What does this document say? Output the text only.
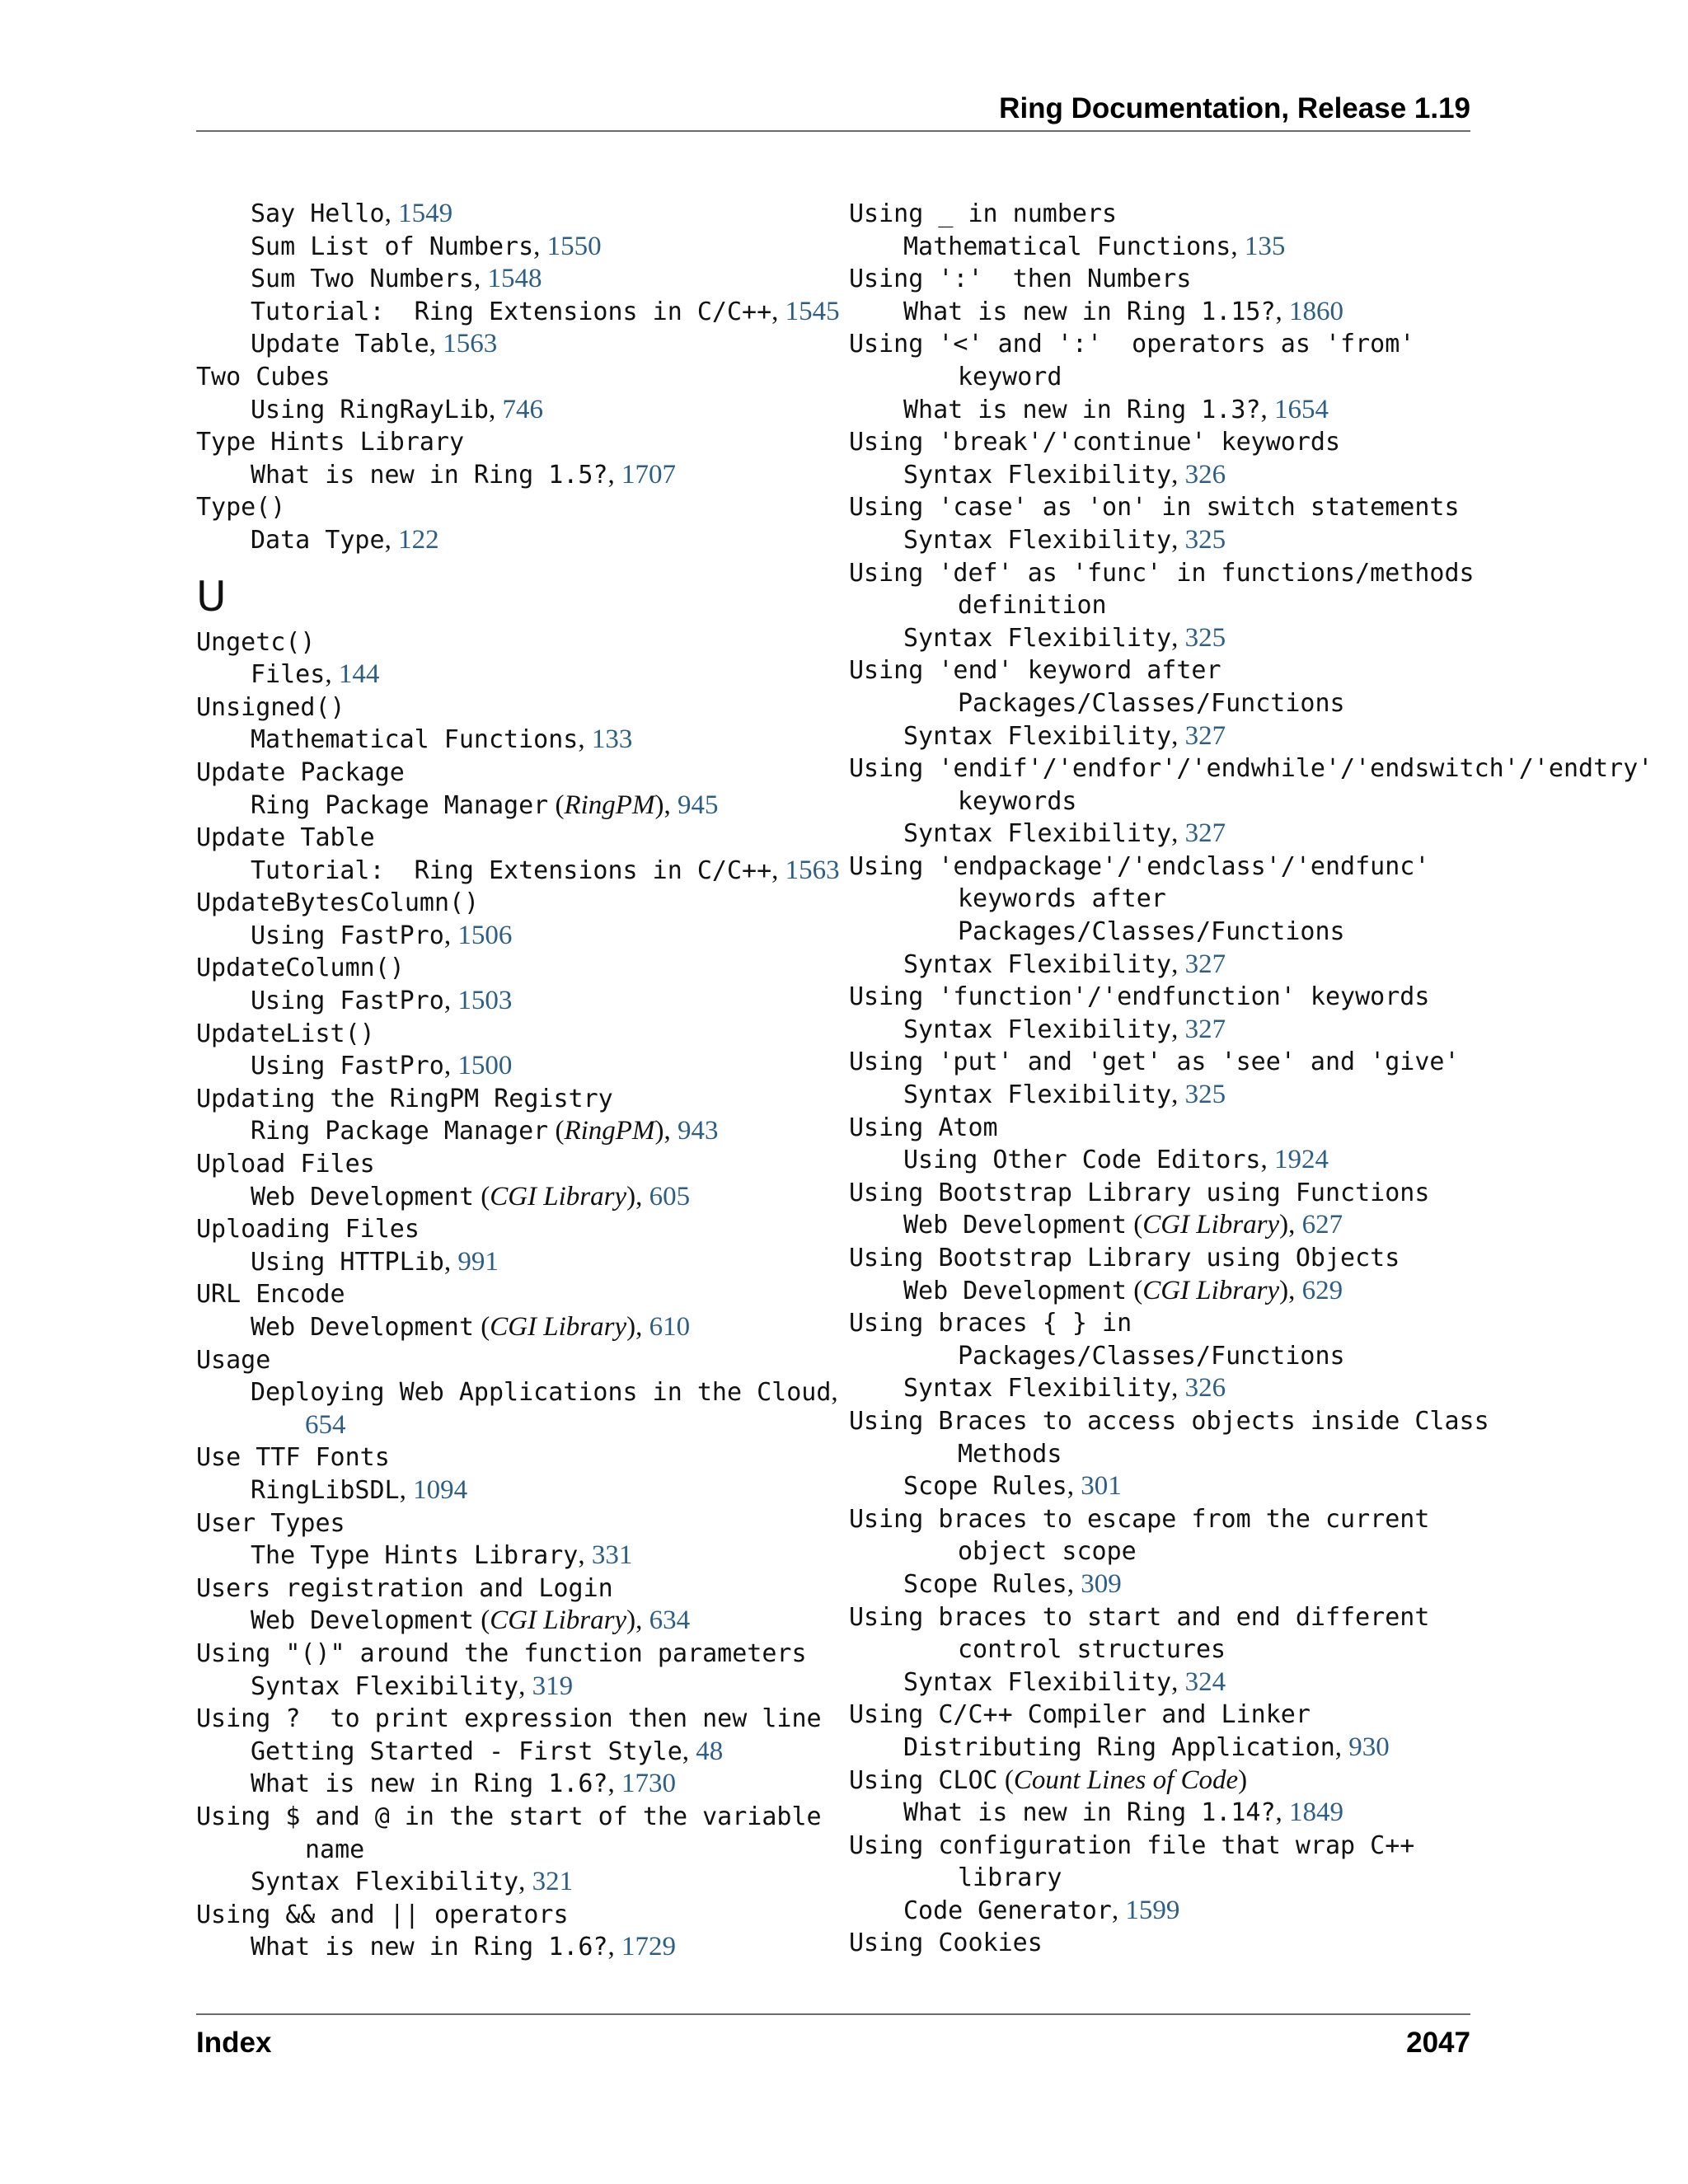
Ring Documentation, Release 1.19
Say Hello, 1549
Sum List of Numbers, 1550
Sum Two Numbers, 1548
Tutorial:  Ring Extensions in C/C++, 1545
Update Table, 1563
Two Cubes
Using RingRayLib, 746
Type Hints Library
What is new in Ring 1.5?, 1707
Type()
Data Type, 122
U
Ungetc()
Files, 144
Unsigned()
Mathematical Functions, 133
Update Package
Ring Package Manager (RingPM), 945
Update Table
Tutorial:  Ring Extensions in C/C++, 1563
UpdateBytesColumn()
Using FastPro, 1506
UpdateColumn()
Using FastPro, 1503
UpdateList()
Using FastPro, 1500
Updating the RingPM Registry
Ring Package Manager (RingPM), 943
Upload Files
Web Development (CGI Library), 605
Uploading Files
Using HTTPLib, 991
URL Encode
Web Development (CGI Library), 610
Usage
Deploying Web Applications in the Cloud,
654
Use TTF Fonts
RingLibSDL, 1094
User Types
The Type Hints Library, 331
Users registration and Login
Web Development (CGI Library), 634
Using "()" around the function parameters
Syntax Flexibility, 319
Using ?  to print expression then new line
Getting Started - First Style, 48
What is new in Ring 1.6?, 1730
Using $ and @ in the start of the variable
name
Syntax Flexibility, 321
Using && and || operators
What is new in Ring 1.6?, 1729
Using _ in numbers
Mathematical Functions, 135
Using ':'  then Numbers
What is new in Ring 1.15?, 1860
Using '<' and ':'  operators as 'from'
keyword
What is new in Ring 1.3?, 1654
Using 'break'/'continue' keywords
Syntax Flexibility, 326
Using 'case' as 'on' in switch statements
Syntax Flexibility, 325
Using 'def' as 'func' in functions/methods
definition
Syntax Flexibility, 325
Using 'end' keyword after
Packages/Classes/Functions
Syntax Flexibility, 327
Using 'endif'/'endfor'/'endwhile'/'endswitch'/'endtry'
keywords
Syntax Flexibility, 327
Using 'endpackage'/'endclass'/'endfunc'
keywords after
Packages/Classes/Functions
Syntax Flexibility, 327
Using 'function'/'endfunction' keywords
Syntax Flexibility, 327
Using 'put' and 'get' as 'see' and 'give'
Syntax Flexibility, 325
Using Atom
Using Other Code Editors, 1924
Using Bootstrap Library using Functions
Web Development (CGI Library), 627
Using Bootstrap Library using Objects
Web Development (CGI Library), 629
Using braces { } in
Packages/Classes/Functions
Syntax Flexibility, 326
Using Braces to access objects inside Class
Methods
Scope Rules, 301
Using braces to escape from the current
object scope
Scope Rules, 309
Using braces to start and end different
control structures
Syntax Flexibility, 324
Using C/C++ Compiler and Linker
Distributing Ring Application, 930
Using CLOC (Count Lines of Code)
What is new in Ring 1.14?, 1849
Using configuration file that wrap C++
library
Code Generator, 1599
Using Cookies
Index	2047
